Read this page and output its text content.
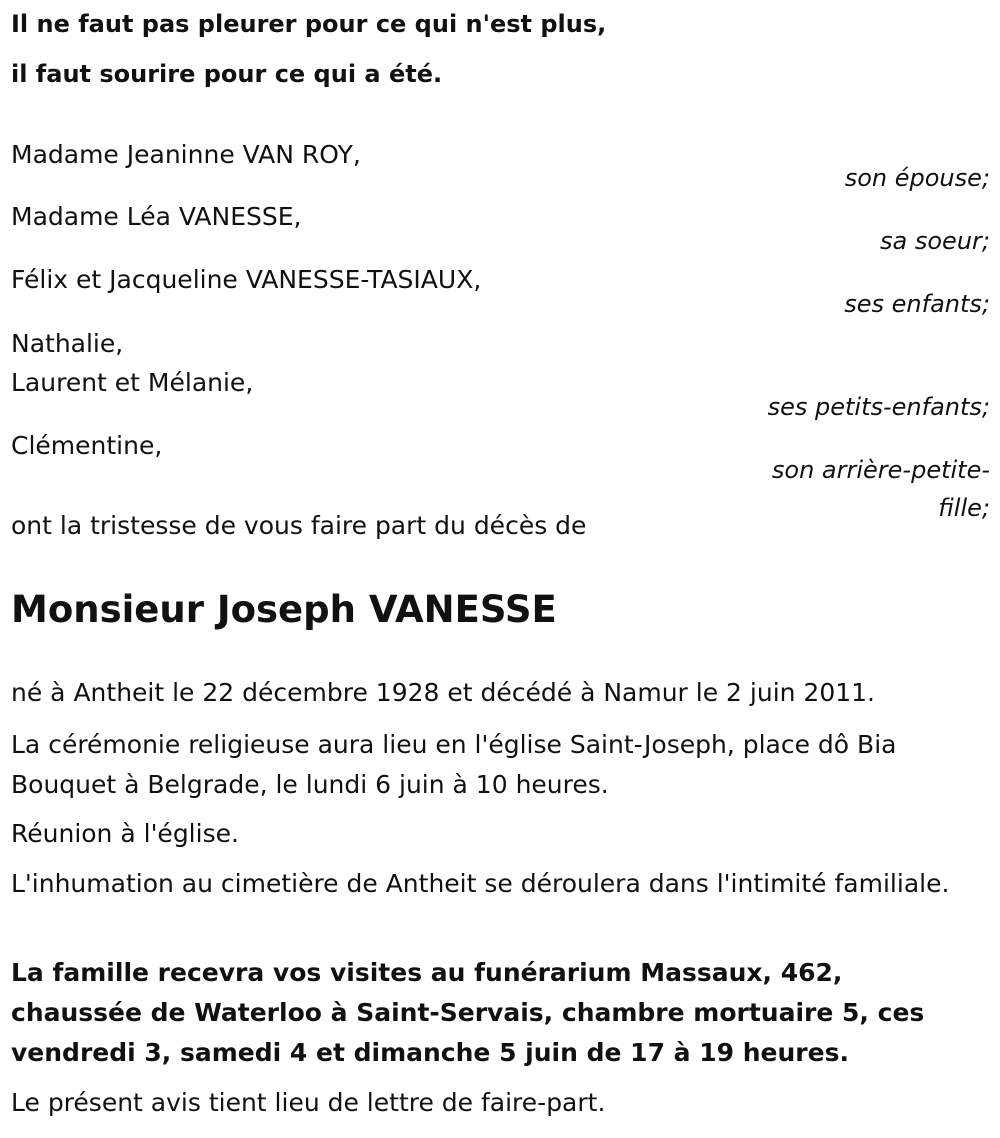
Il ne faut pas pleurer pour ce qui n'est plus,
il faut sourire pour ce qui a été.
Madame Jeaninne VAN ROY,
son épouse;
Madame Léa VANESSE,
sa soeur;
Félix et Jacqueline VANESSE-TASIAUX,
ses enfants;
Nathalie,
Laurent et Mélanie,
ses petits-enfants;
Clémentine,
son arrière-petite-
fille;
ont la tristesse de vous faire part du décès de
Monsieur Joseph VANESSE
né à Antheit le 22 décembre 1928 et décédé à Namur le 2 juin 2011.
La cérémonie religieuse aura lieu en l'église Saint-Joseph, place dô Bia Bouquet à Belgrade, le lundi 6 juin à 10 heures.
Réunion à l'église.
L'inhumation au cimetière de Antheit se déroulera dans l'intimité familiale.
La famille recevra vos visites au funérarium Massaux, 462, chaussée de Waterloo à Saint-Servais, chambre mortuaire 5, ces vendredi 3, samedi 4 et dimanche 5 juin de 17 à 19 heures.
Le présent avis tient lieu de lettre de faire-part.
